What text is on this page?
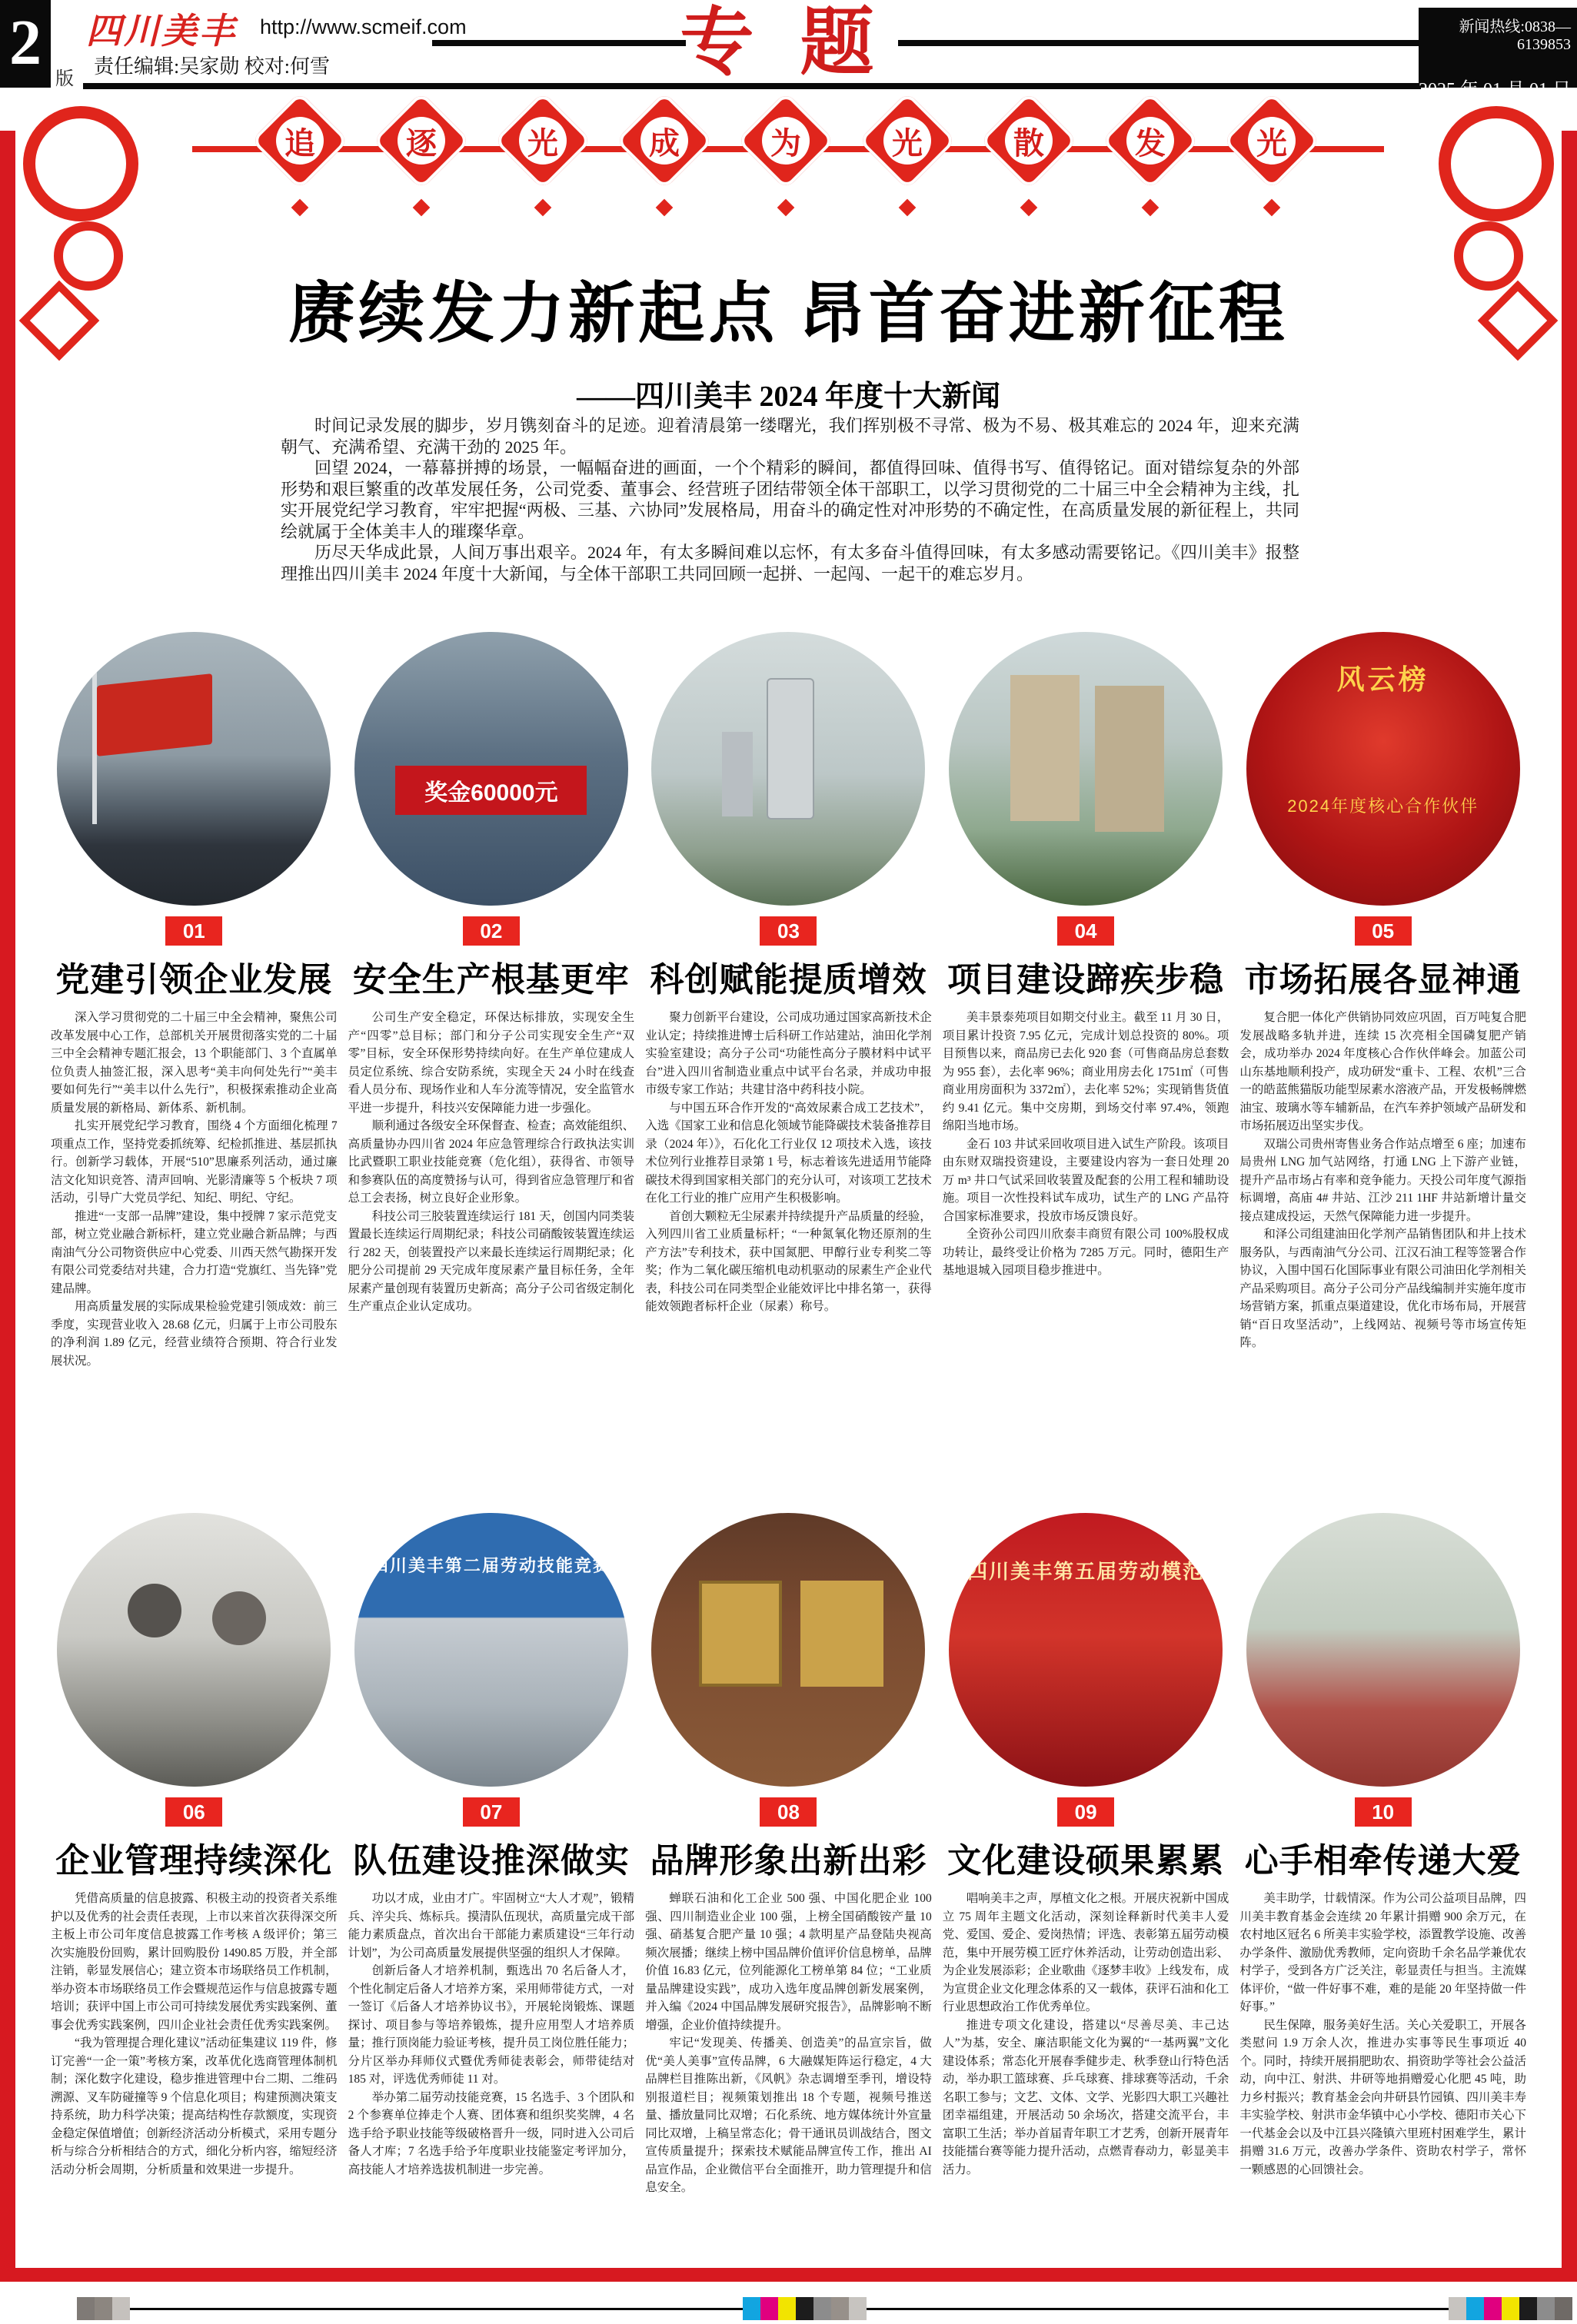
2
版
四川美丰 http://www.scmeif.com
责任编辑:吴家勋 校对:何雪	专题	新闻热线:0838—6139853
2025 年 01 月 01 日
追	逐	光	成	为	光	散	发	光
赓续发力新起点 昂首奋进新征程
——四川美丰 2024 年度十大新闻

时间记录发展的脚步，岁月镌刻奋斗的足迹。迎着清晨第一缕曙光，我们挥别极不寻常、极为不易、极其难忘的 2024 年，迎来充满朝气、充满希望、充满干劲的 2025 年。

回望 2024，一幕幕拼搏的场景，一幅幅奋进的画面，一个个精彩的瞬间，都值得回味、值得书写、值得铭记。面对错综复杂的外部形势和艰巨繁重的改革发展任务，公司党委、董事会、经营班子团结带领全体干部职工，以学习贯彻党的二十届三中全会精神为主线，扎实开展党纪学习教育，牢牢把握“两极、三基、六协同”发展格局，用奋斗的确定性对冲形势的不确定性，在高质量发展的新征程上，共同绘就属于全体美丰人的璀璨华章。

历尽天华成此景，人间万事出艰辛。2024 年，有太多瞬间难以忘怀，有太多奋斗值得回味，有太多感动需要铭记。《四川美丰》报整理推出四川美丰 2024 年度十大新闻，与全体干部职工共同回顾一起拼、一起闯、一起干的难忘岁月。

01
党建引领企业发展

深入学习贯彻党的二十届三中全会精神，聚焦公司改革发展中心工作，总部机关开展贯彻落实党的二十届三中全会精神专题汇报会，13 个职能部门、3 个直属单位负责人抽签汇报，深入思考“美丰向何处先行”“美丰要如何先行”“美丰以什么先行”，积极探索推动企业高质量发展的新格局、新体系、新机制。

扎实开展党纪学习教育，围绕 4 个方面细化梳理 7 项重点工作，坚持党委抓统筹、纪检抓推进、基层抓执行。创新学习载体，开展“510”思廉系列活动，通过廉洁文化知识竞答、清声回响、光影清廉等 5 个板块 7 项活动，引导广大党员学纪、知纪、明纪、守纪。

推进“一支部一品牌”建设，集中授牌 7 家示范党支部，树立党业融合新标杆，建立党业融合新品牌；与西南油气分公司物资供应中心党委、川西天然气勘探开发有限公司党委结对共建，合力打造“党旗红、当先锋”党建品牌。

用高质量发展的实际成果检验党建引领成效：前三季度，实现营业收入 28.68 亿元，归属于上市公司股东的净利润 1.89 亿元，经营业绩符合预期、符合行业发展状况。

奖金60000元
02
安全生产根基更牢

公司生产安全稳定，环保达标排放，实现安全生产“四零”总目标；部门和分子公司实现安全生产“双零”目标，安全环保形势持续向好。在生产单位建成人员定位系统、综合安防系统，实现全天 24 小时在线查看人员分布、现场作业和人车分流等情况，安全监管水平进一步提升，科技兴安保障能力进一步强化。

顺利通过各级安全环保督查、检查；高效能组织、高质量协办四川省 2024 年应急管理综合行政执法实训比武暨职工职业技能竞赛（危化组），获得省、市领导和参赛队伍的高度赞扬与认可，得到省应急管理厅和省总工会表扬，树立良好企业形象。

科技公司三胶装置连续运行 181 天，创国内同类装置最长连续运行周期纪录；科技公司硝酸铵装置连续运行 282 天，创装置投产以来最长连续运行周期纪录；化肥分公司提前 29 天完成年度尿素产量目标任务，全年尿素产量创现有装置历史新高；高分子公司省级定制化生产重点企业认定成功。

03
科创赋能提质增效

聚力创新平台建设，公司成功通过国家高新技术企业认定；持续推进博士后科研工作站建站，油田化学剂实验室建设；高分子公司“功能性高分子膜材料中试平台”进入四川省制造业重点中试平台名录，并成功申报市级专家工作站；共建甘洛中药科技小院。

与中国五环合作开发的“高效尿素合成工艺技术”，入选《国家工业和信息化领域节能降碳技术装备推荐目录（2024 年）》，石化化工行业仅 12 项技术入选，该技术位列行业推荐目录第 1 号，标志着该先进适用节能降碳技术得到国家相关部门的充分认可，对该项工艺技术在化工行业的推广应用产生积极影响。

首创大颗粒无尘尿素并持续提升产品质量的经验，入列四川省工业质量标杆；“一种氮氧化物还原剂的生产方法”专利技术，获中国氮肥、甲醇行业专利奖二等奖；作为二氧化碳压缩机电动机驱动的尿素生产企业代表，科技公司在同类型企业能效评比中排名第一，获得能效领跑者标杆企业（尿素）称号。

04
项目建设蹄疾步稳

美丰景泰苑项目如期交付业主。截至 11 月 30 日，项目累计投资 7.95 亿元，完成计划总投资的 80%。项目预售以来，商品房已去化 920 套（可售商品房总套数为 955 套），去化率 96%；商业用房去化 1751㎡（可售商业用房面积为 3372㎡），去化率 52%；实现销售货值约 9.41 亿元。集中交房期，到场交付率 97.4%，领跑绵阳当地市场。

金石 103 井试采回收项目进入试生产阶段。该项目由东财双瑞投资建设，主要建设内容为一套日处理 20 万 m³ 井口气试采回收装置及配套的公用工程和辅助设施。项目一次性投料试车成功，试生产的 LNG 产品符合国家标准要求，投放市场反馈良好。

全资孙公司四川欣泰丰商贸有限公司 100%股权成功转让，最终受让价格为 7285 万元。同时，德阳生产基地退城入园项目稳步推进中。

风云榜
2024年度核心合作伙伴
05
市场拓展各显神通

复合肥一体化产供销协同效应巩固，百万吨复合肥发展战略多轨并进，连续 15 次亮相全国磷复肥产销会，成功举办 2024 年度核心合作伙伴峰会。加蓝公司山东基地顺利投产，成功研发“重卡、工程、农机”三合一的皓蓝熊猫版功能型尿素水溶液产品，开发极畅牌燃油宝、玻璃水等车辅新品，在汽车养护领域产品研发和市场拓展迈出坚实步伐。

双瑞公司贵州寄售业务合作站点增至 6 座；加速布局贵州 LNG 加气站网络，打通 LNG 上下游产业链，提升产品市场占有率和竞争能力。天投公司年度气源指标调增，高庙 4# 井站、江沙 211 1HF 井站新增计量交接点建成投运，天然气保障能力进一步提升。

和泽公司组建油田化学剂产品销售团队和井上技术服务队，与西南油气分公司、江汉石油工程等签署合作协议，入围中国石化国际事业有限公司油田化学剂相关产品采购项目。高分子公司分产品线编制并实施年度市场营销方案，抓重点渠道建设，优化市场布局，开展营销“百日攻坚活动”，上线网站、视频号等市场宣传矩阵。

06
企业管理持续深化

凭借高质量的信息披露、积极主动的投资者关系维护以及优秀的社会责任表现，上市以来首次获得深交所主板上市公司年度信息披露工作考核 A 级评价；第三次实施股份回购，累计回购股份 1490.85 万股，并全部注销，彰显发展信心；建立资本市场联络员工作机制，举办资本市场联络员工作会暨规范运作与信息披露专题培训；获评中国上市公司可持续发展优秀实践案例、董事会优秀实践案例，四川企业社会责任优秀实践案例。

“我为管理提合理化建议”活动征集建议 119 件，修订完善“一企一策”考核方案，改革优化选商管理体制机制；深化数字化建设，稳步推进管理中台二期、二维码溯源、叉车防碰撞等 9 个信息化项目；构建预测决策支持系统，助力科学决策；提高结构性存款额度，实现资金稳定保值增值；创新经济活动分析模式，采用专题分析与综合分析相结合的方式，细化分析内容，缩短经济活动分析会周期，分析质量和效果进一步提升。

四川美丰第二届劳动技能竞赛
07
队伍建设推深做实

功以才成，业由才广。牢固树立“大人才观”，锻精兵、淬尖兵、炼标兵。摸清队伍现状，高质量完成干部能力素质盘点，首次出台干部能力素质建设“三年行动计划”，为公司高质量发展提供坚强的组织人才保障。

创新后备人才培养机制，甄选出 70 名后备人才，个性化制定后备人才培养方案，采用师带徒方式，一对一签订《后备人才培养协议书》，开展轮岗锻炼、课题探讨、项目参与等培养锻炼，提升应用型人才培养质量；推行顶岗能力验证考核，提升员工岗位胜任能力；分片区举办拜师仪式暨优秀师徒表彰会，师带徒结对 185 对，评选优秀师徒 11 对。

举办第二届劳动技能竞赛，15 名选手、3 个团队和 2 个参赛单位捧走个人赛、团体赛和组织奖奖牌，4 名选手给予职业技能等级破格晋升一级，同时进入公司后备人才库；7 名选手给予年度职业技能鉴定考评加分，高技能人才培养选拔机制进一步完善。

08
品牌形象出新出彩

蝉联石油和化工企业 500 强、中国化肥企业 100 强、四川制造业企业 100 强，上榜全国硝酸铵产量 10 强、硝基复合肥产量 10 强；4 款明星产品登陆央视高频次展播；继续上榜中国品牌价值评价信息榜单，品牌价值 16.83 亿元，位列能源化工榜单第 84 位；“工业质量品牌建设实践”，成功入选年度品牌创新发展案例，并入编《2024 中国品牌发展研究报告》，品牌影响不断增强，企业价值持续提升。

牢记“发现美、传播美、创造美”的品宣宗旨，做优“美人美事”宣传品牌，6 大融媒矩阵运行稳定，4 大品牌栏目推陈出新，《风帆》杂志调增至季刊，增设特别报道栏目；视频策划推出 18 个专题，视频号推送量、播放量同比双增；石化系统、地方媒体统计外宣量同比双增，上稿呈常态化；骨干通讯员训战结合，图文宣传质量提升；探索技术赋能品牌宣传工作，推出 AI 品宣作品，企业微信平台全面推开，助力管理提升和信息安全。

四川美丰第五届劳动模范
09
文化建设硕果累累

唱响美丰之声，厚植文化之根。开展庆祝新中国成立 75 周年主题文化活动，深刻诠释新时代美丰人爱党、爱国、爱企、爱岗热情；评选、表彰第五届劳动模范，集中开展劳模工匠疗休养活动，让劳动创造出彩、为企业发展添彩；企业歌曲《逐梦丰收》上线发布，成为宣贯企业文化理念体系的又一载体，获评石油和化工行业思想政治工作优秀单位。

推进专项文化建设，搭建以“尽善尽美、丰己达人”为基，安全、廉洁职能文化为翼的“一基两翼”文化建设体系；常态化开展春季健步走、秋季登山行特色活动，举办职工篮球赛、乒乓球赛、排球赛等活动，千余名职工参与；文艺、文体、文学、光影四大职工兴趣社团幸福组建，开展活动 50 余场次，搭建交流平台，丰富职工生活；举办首届青年职工才艺秀，创新开展青年技能擂台赛等能力提升活动，点燃青春动力，彰显美丰活力。

10
心手相牵传递大爱

美丰助学，廿载情深。作为公司公益项目品牌，四川美丰教育基金会连续 20 年累计捐赠 900 余万元，在农村地区冠名 6 所美丰实验学校，添置教学设施、改善办学条件、激励优秀教师，定向资助千余名品学兼优农村学子，受到各方广泛关注，彰显责任与担当。主流媒体评价，“做一件好事不难，难的是能 20 年坚持做一件好事。”

民生保障，服务美好生活。关心关爱职工，开展各类慰问 1.9 万余人次，推进办实事等民生事项近 40 个。同时，持续开展捐肥助农、捐资助学等社会公益活动，向中江、射洪、井研等地捐赠爱心化肥 45 吨，助力乡村振兴；教育基金会向井研县竹园镇、四川美丰寿丰实验学校、射洪市金华镇中心小学校、德阳市关心下一代基金会以及中江县兴隆镇六里班村困难学生，累计捐赠 31.6 万元，改善办学条件、资助农村学子，常怀一颗感恩的心回馈社会。
